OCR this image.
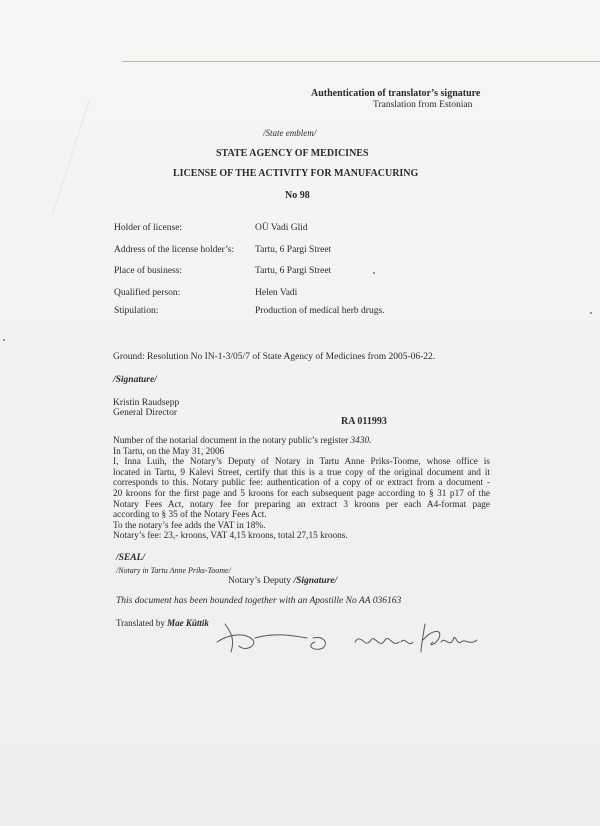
Authentication of translator’s signature
Translation from Estonian
/State emblem/
STATE AGENCY OF MEDICINES
LICENSE OF THE ACTIVITY FOR MANUFACURING
No 98
Holder of license:	OÜ Vadi Glid
Address of the license holder’s: Tartu, 6 Pargi Street
Place of business:	Tartu, 6 Pargi Street
Qualified person:	Helen Vadi
Stipulation:	Production of medical herb drugs.
Ground: Resolution No IN-1-3/05/7 of State Agency of Medicines from 2005-06-22.
/Signature/
Kristin Raudsepp
General Director
RA 011993
Number of the notarial document in the notary public’s register 3430.
In Tartu, on the May 31, 2006
I, Inna Luih, the Notary’s Deputy of Notary in Tartu Anne Priks-Toome, whose office is
located in Tartu, 9 Kalevi Street, certify that this is a true copy of the original document and it
corresponds to this. Notary public fee: authentication of a copy of or extract from a document -
20 kroons for the first page and 5 kroons for each subsequent page according to § 31 p17 of the
Notary Fees Act, notary fee for preparing an extract 3 kroons per each A4-format page
according to § 35 of the Notary Fees Act.
To the notary’s fee adds the VAT in 18%.
Notary’s fee: 23,- kroons, VAT 4,15 kroons, total 27,15 kroons.
/SEAL/
/Notary in Tartu Anne Priks-Toome/
Notary’s Deputy /Signature/
This document has been bounded together with an Apostille No AA 036163
Translated by Mae Küttik
